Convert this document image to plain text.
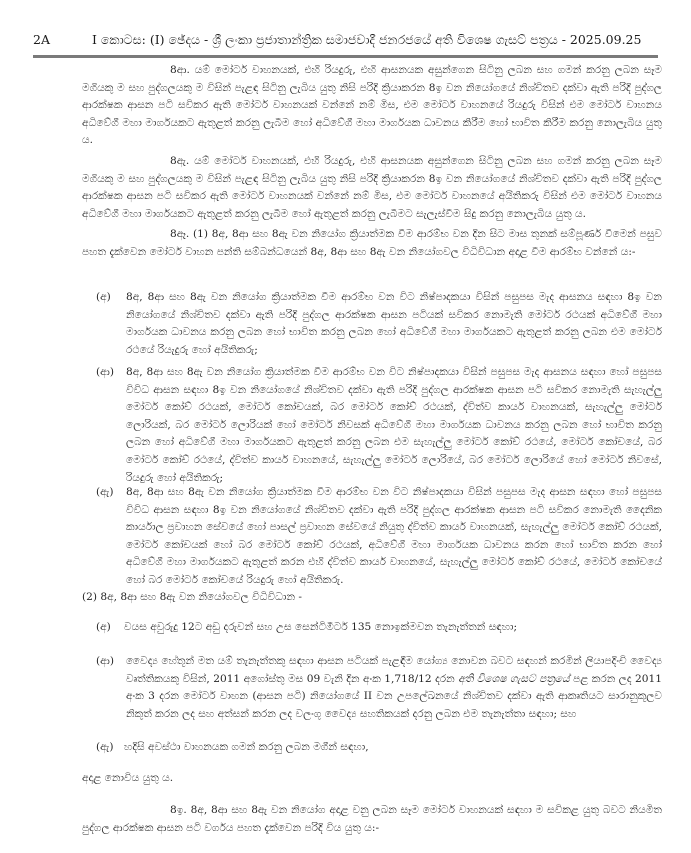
2A	I කොටස: (I) ඡේදය - ශ්‍රී ලංකා ප්‍රජාතාන්ත්‍රික සමාජවාදී ජනරජයේ අති විශෙෂ ගැසට් පත්‍රය - 2025.09.25

8ආ. යම් මෝටර් වාහනයක්, එහි රියදුරු, එහි ආසනයක අසුන්ගෙන සිටිනු ලබන සහ ගමන් කරනු ලබන සෑම මගියකු ම සහ පුද්ගලයකු ම විසින් පැළඳ සිටිනු ලැබිය යුතු නිසි පරිදි ක්‍රියාකරන 8ඉ වන නියෝගයේ නිශ්චිතව දක්වා ඇති පරිදි පුද්ගල ආරක්ෂක ආසන පටි සවිකර ඇති මෝටර් වාහනයක් වන්නේ නම් මිස, එම මෝටර් වාහනයේ රියදුරු විසින් එම මෝටර් වාහනය අධිවේගී මහා මාර්ගයකට ඇතුළත් කරනු ලැබීම හෝ අධිවේගී මහා මාර්ගයක ධාවනය කිරීම හෝ භාවිත කිරීම කරනු නොලැබිය යුතු ය.

8ඇ. යම් මෝටර් වාහනයක්, එහි රියදුරු, එහි ආසනයක අසුන්ගෙන සිටිනු ලබන සහ ගමන් කරනු ලබන සෑම මගියකු ම සහ පුද්ගලයකු ම විසින් පැළඳ සිටිනු ලැබිය යුතු නිසි පරිදි ක්‍රියාකරන 8ඉ වන නියෝගයේ නිශ්චිතව දක්වා ඇති පරිදි පුද්ගල ආරක්ෂක ආසන පටි සවිකර ඇති මෝටර් වාහනයක් වන්නේ නම් මිස, එම මෝටර් වාහනයේ අයිතිකරු විසින් එම මෝටර් වාහනය අධිවේගී මහා මාර්ගයකට ඇතුළත් කරනු ලැබීම හෝ ඇතුළත් කරනු ලැබීමට සැලැස්වීම සිදු කරනු නොලැබිය යුතු ය.

8ඈ. (1) 8අ, 8ආ සහ 8ඇ වන නියෝග ක්‍රියාත්මක වීම ආරම්භ වන දින සිට මාස තුනක් සම්පූර්ණ වීමෙන් පසුව පහත දැක්වෙන මෝටර් වාහන පන්ති සම්බන්ධයෙන් 8අ, 8ආ සහ 8ඇ වන නියෝගවල විධිවිධාන අදාළ වීම ආරම්භ වන්නේ ය:-

(අ) 8අ, 8ආ සහ 8ඇ වන නියෝග ක්‍රියාත්මක වීම ආරම්භ වන විට නිෂ්පාදකයා විසින් පසුපස මැද ආසනය සඳහා 8ඉ වන නියෝගයේ නිශ්චිතව දක්වා ඇති පරිදි පුද්ගල ආරක්ෂක ආසන පටියක් සවිකර නොමැති මෝටර් රථයක් අධිවේගී මහා මාර්ගයක ධාවනය කරනු ලබන හෝ භාවිත කරනු ලබන හෝ අධිවේගී මහා මාර්ගයකට ඇතුළත් කරනු ලබන එම මෝටර් රථයේ රියැදුරු හෝ අයිතිකරු;
(ආ) 8අ, 8ආ සහ 8ඇ වන නියෝග ක්‍රියාත්මක වීම ආරම්භ වන විට නිෂ්පාදකයා විසින් පසුපස මැද ආසනය සඳහා හෝ පසුපස විවිධ ආසන සඳහා 8ඉ වන නියෝගයේ නිශ්චිතව දක්වා ඇති පරිදි පුද්ගල ආරක්ෂක ආසන පටි සවිකර නොමැති සැහැල්ලු මෝටර් කෝච් රථයක්, මෝටර් කෝචයක්, බර මෝටර් කෝච් රථයක්, ද්විත්ව කාර්ය වාහනයක්, සැහැල්ලු මෝටර් ලොරියක්, බර මෝටර් ලොරියක් හෝ මෝටර් නිවසක් අධිවේගී මහා මාර්ගයක ධාවනය කරනු ලබන හෝ භාවිත කරනු ලබන හෝ අධිවේගී මහා මාර්ගයකට ඇතුළත් කරනු ලබන එම සැහැල්ලු මෝටර් කෝච් රථයේ, මෝටර් කෝචයේ, බර මෝටර් කෝච් රථයේ, ද්විත්ව කාර්ය වාහනයේ, සැහැල්ලු මෝටර් ලොරියේ, බර මෝටර් ලොරියේ හෝ මෝටර් නිවසේ, රියදුරු හෝ අයිතිකරු;
(ඇ) 8අ, 8ආ සහ 8ඇ වන නියෝග ක්‍රියාත්මක වීම ආරම්භ වන විට නිෂ්පාදකයා විසින් පසුපස මැද ආසන සඳහා හෝ පසුපස විවිධ ආසන සඳහා 8ඉ වන නියෝගයේ නිශ්චිතව දක්වා ඇති පරිදි පුද්ගල ආරක්ෂක ආසන පටි සවිකර නොමැති දෛනික කාර්යාල ප්‍රවාහන සේවයේ හෝ පාසල් ප්‍රවාහන සේවයේ නියුතු ද්විත්ව කාර්ය වාහනයක්, සැහැල්ලු මෝටර් කෝච් රථයක්, මෝටර් කෝචයක් හෝ බර මෝටර් කෝච් රථයක්, අධිවේගී මහා මාර්ගයක ධාවනය කරන හෝ භාවිත කරන හෝ අධිවේගී මහා මාර්ගයකට ඇතුළත් කරන එහි ද්විත්ව කාර්ය වාහනයේ, සැහැල්ලු මෝටර් කෝච් රථයේ, මෝටර් කෝචයේ හෝ බර මෝටර් කෝචයේ රියදුරු හෝ අයිතිකරු.

(2) 8අ, 8ආ සහ 8ඇ වන නියෝගවල විධිවිධාන -

(අ) වයස අවුරුදු 12ට අඩු දරුවන් සහ උස සෙන්ටිමීටර් 135 නොඉක්මවන තැනැත්තන් සඳහා;
(ආ) වෛද්‍ය හේතූන් මත යම් තැනැත්තකු සඳහා ආසන පටියක් පැළඳීම යෝග්‍ය නොවන බවට සඳහන් කරමින් ලියාපදිංචි වෛද්‍ය වෘත්තිකයකු විසින්, 2011 අගෝස්තු මස 09 වැනි දින අංක 1,718/12 දරන අති විශෙෂ ගැසට් පත්‍රයේ පළ කරන ලද 2011 අංක 3 දරන මෝටර් වාහන (ආසන පටි) නියෝගයේ II වන උපලේඛනයේ නිශ්චිතව දක්වා ඇති ආකෘතියට සාරානුකූලව නිකුත් කරන ලද සහ අත්සන් කරන ලද වලංගු වෛද්‍ය සහතිකයක් දරනු ලබන එම තැනැත්තා සඳහා; සහ
(ඇ) හදිසි අවස්ථා වාහනයක ගමන් කරනු ලබන මගීන් සඳහා,

අදාළ නොවිය යුතු ය.

8ඉ. 8අ, 8ආ සහ 8ඇ වන නියෝග අදාළ වනු ලබන සෑම මෝටර් වාහනයක් සඳහා ම සවිකළ යුතු බවට නියමිත පුද්ගල ආරක්ෂක ආසන පටි වර්ගය පහත දැක්වෙන පරිදි විය යුතු ය:-
